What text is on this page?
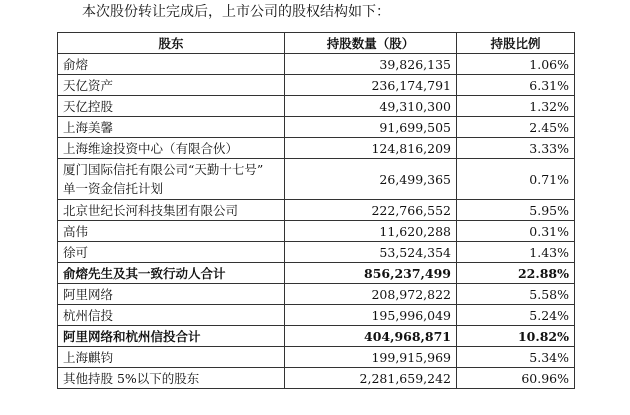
本次股份转让完成后，上市公司的股权结构如下：
股东	持股数量（股）	持股比例
俞熔	39,826,135	1.06%
天亿资产	236,174,791	6.31%
天亿控股	49,310,300	1.32%
上海美馨	91,699,505	2.45%
上海维途投资中心（有限合伙）	124,816,209	3.33%

厦门国际信托有限公司“天勤十七号”
单一资金信托计划	26,499,365	0.71%
北京世纪长河科技集团有限公司	222,766,552	5.95%
高伟	11,620,288	0.31%
徐可	53,524,354	1.43%
俞熔先生及其一致行动人合计	856,237,499	22.88%
阿里网络	208,972,822	5.58%
杭州信投	195,996,049	5.24%
阿里网络和杭州信投合计	404,968,871	10.82%
上海麒钧	199,915,969	5.34%
其他持股 5%以下的股东	2,281,659,242	60.96%
